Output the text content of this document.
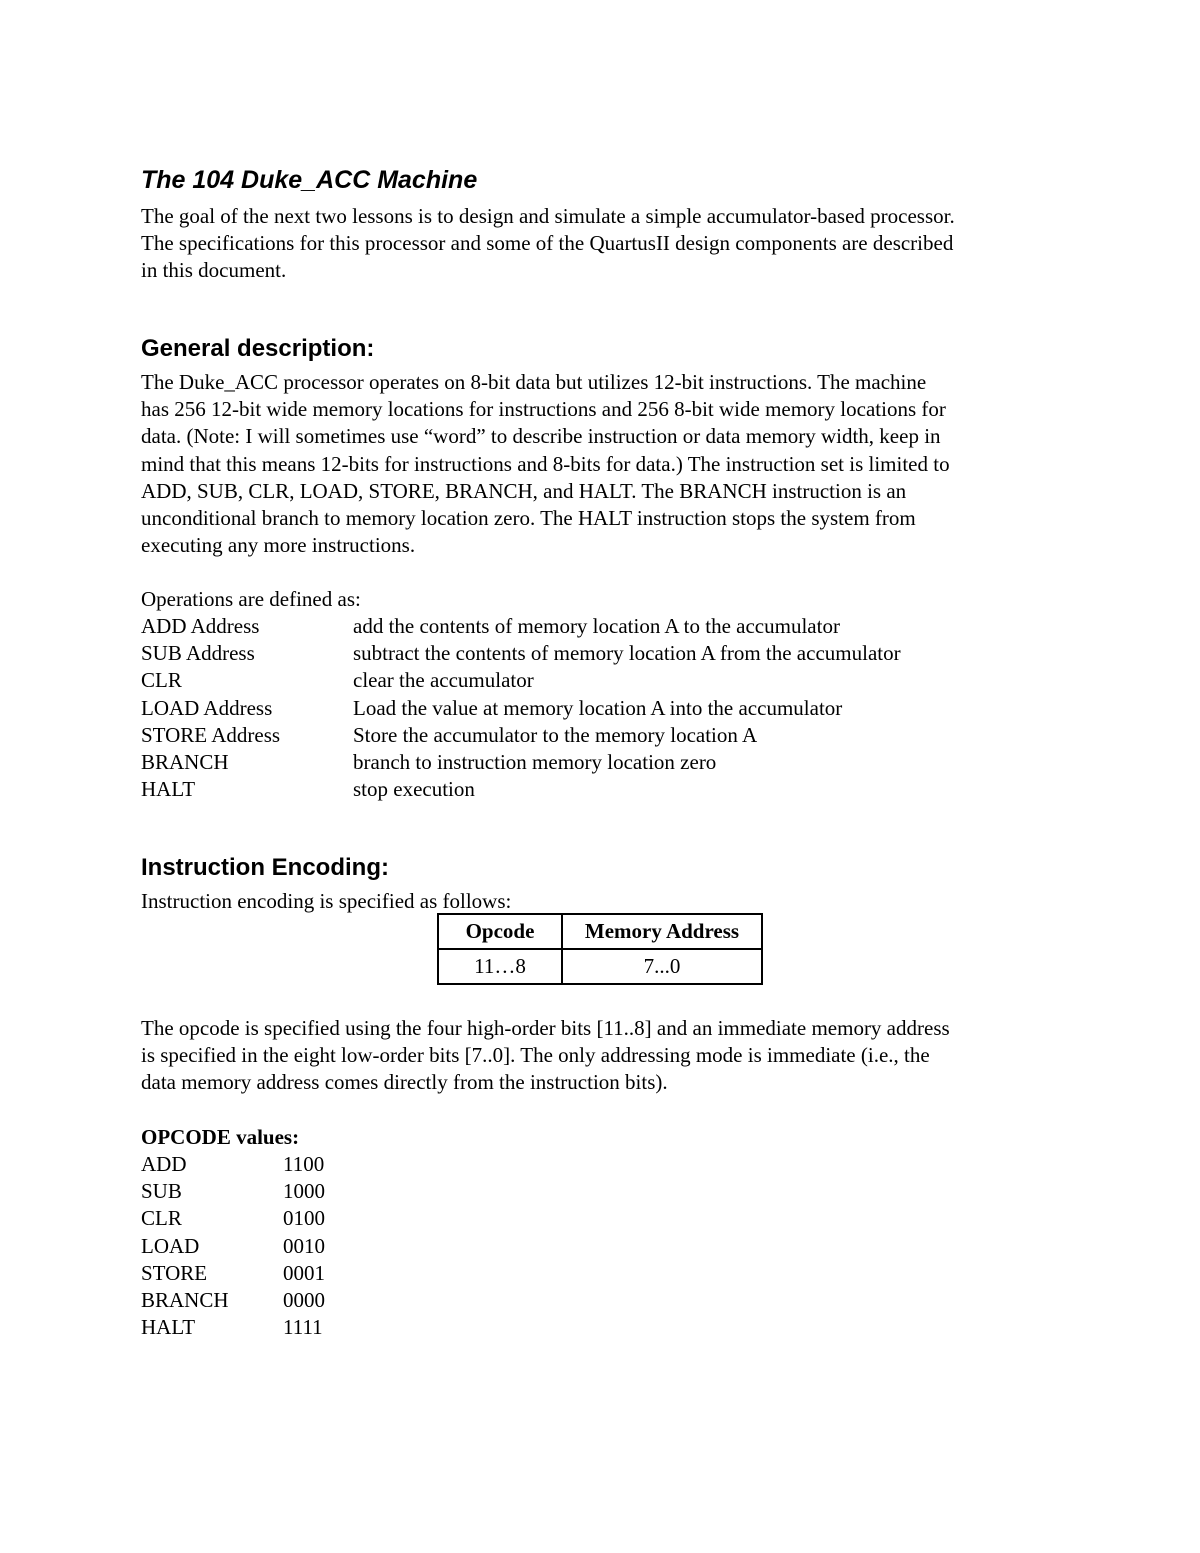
The 104 Duke_ACC Machine

The goal of the next two lessons is to design and simulate a simple accumulator-based processor.
The specifications for this processor and some of the QuartusII design components are described
in this document.

General description:

The Duke_ACC processor operates on 8-bit data but utilizes 12-bit instructions. The machine
has 256 12-bit wide memory locations for instructions and 256 8-bit wide memory locations for
data. (Note: I will sometimes use “word” to describe instruction or data memory width, keep in
mind that this means 12-bits for instructions and 8-bits for data.) The instruction set is limited to
ADD, SUB, CLR, LOAD, STORE, BRANCH, and HALT. The BRANCH instruction is an
unconditional branch to memory location zero. The HALT instruction stops the system from
executing any more instructions.

Operations are defined as:

ADD Address	add the contents of memory location A to the accumulator
SUB Address	subtract the contents of memory location A from the accumulator
CLR	clear the accumulator
LOAD Address	Load the value at memory location A into the accumulator
STORE Address	Store the accumulator to the memory location A
BRANCH	branch to instruction memory location zero
HALT	stop execution
Instruction Encoding:

Instruction encoding is specified as follows:

Opcode	Memory Address
11…8	7...0

The opcode is specified using the four high-order bits [11..8] and an immediate memory address
is specified in the eight low-order bits [7..0]. The only addressing mode is immediate (i.e., the
data memory address comes directly from the instruction bits).

OPCODE values:
ADD	1100
SUB	1000
CLR	0100
LOAD	0010
STORE	0001
BRANCH	0000
HALT	1111
